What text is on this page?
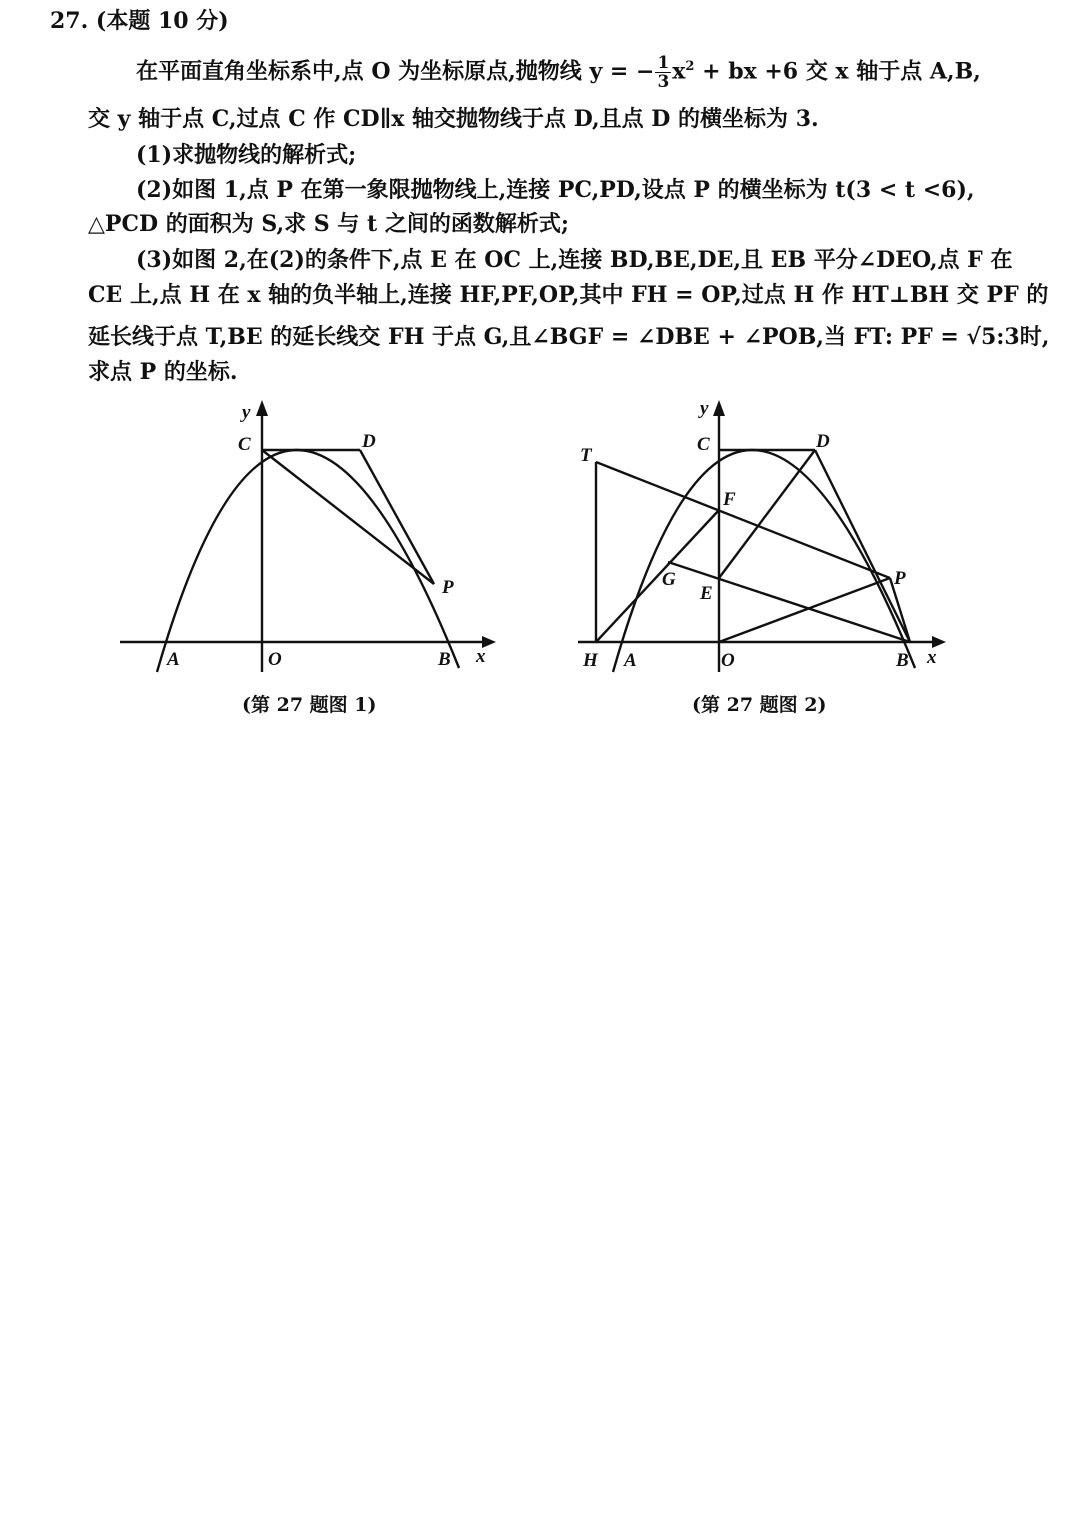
27. (本题 10 分)
在平面直角坐标系中,点 O 为坐标原点,抛物线 y = − $\frac{1}{3} x^2$ + bx +6 交 x 轴于点 A,B,
交 y 轴于点 C,过点 C 作 CD∥x 轴交抛物线于点 D,且点 D 的横坐标为 3.
(1)求抛物线的解析式;
(2)如图 1,点 P 在第一象限抛物线上,连接 PC,PD,设点 P 的横坐标为 t(3 < t <6),
△PCD 的面积为 S,求 S 与 t 之间的函数解析式;
(3)如图 2,在(2)的条件下,点 E 在 OC 上,连接 BD,BE,DE,且 EB 平分∠DEO,点 F 在
CE 上,点 H 在 x 轴的负半轴上,连接 HF,PF,OP,其中 FH = OP,过点 H 作 HT⊥BH 交 PF 的
延长线于点 T,BE 的延长线交 FH 于点 G,且∠BGF = ∠DBE + ∠POB,当 FT: PF = √5:3时,
求点 P 的坐标.
y
C	D
P
A	O	B x
y
T
C	D
F
G
E
P
H A	O	B x
(第 27 题图 1)	(第 27 题图 2)
